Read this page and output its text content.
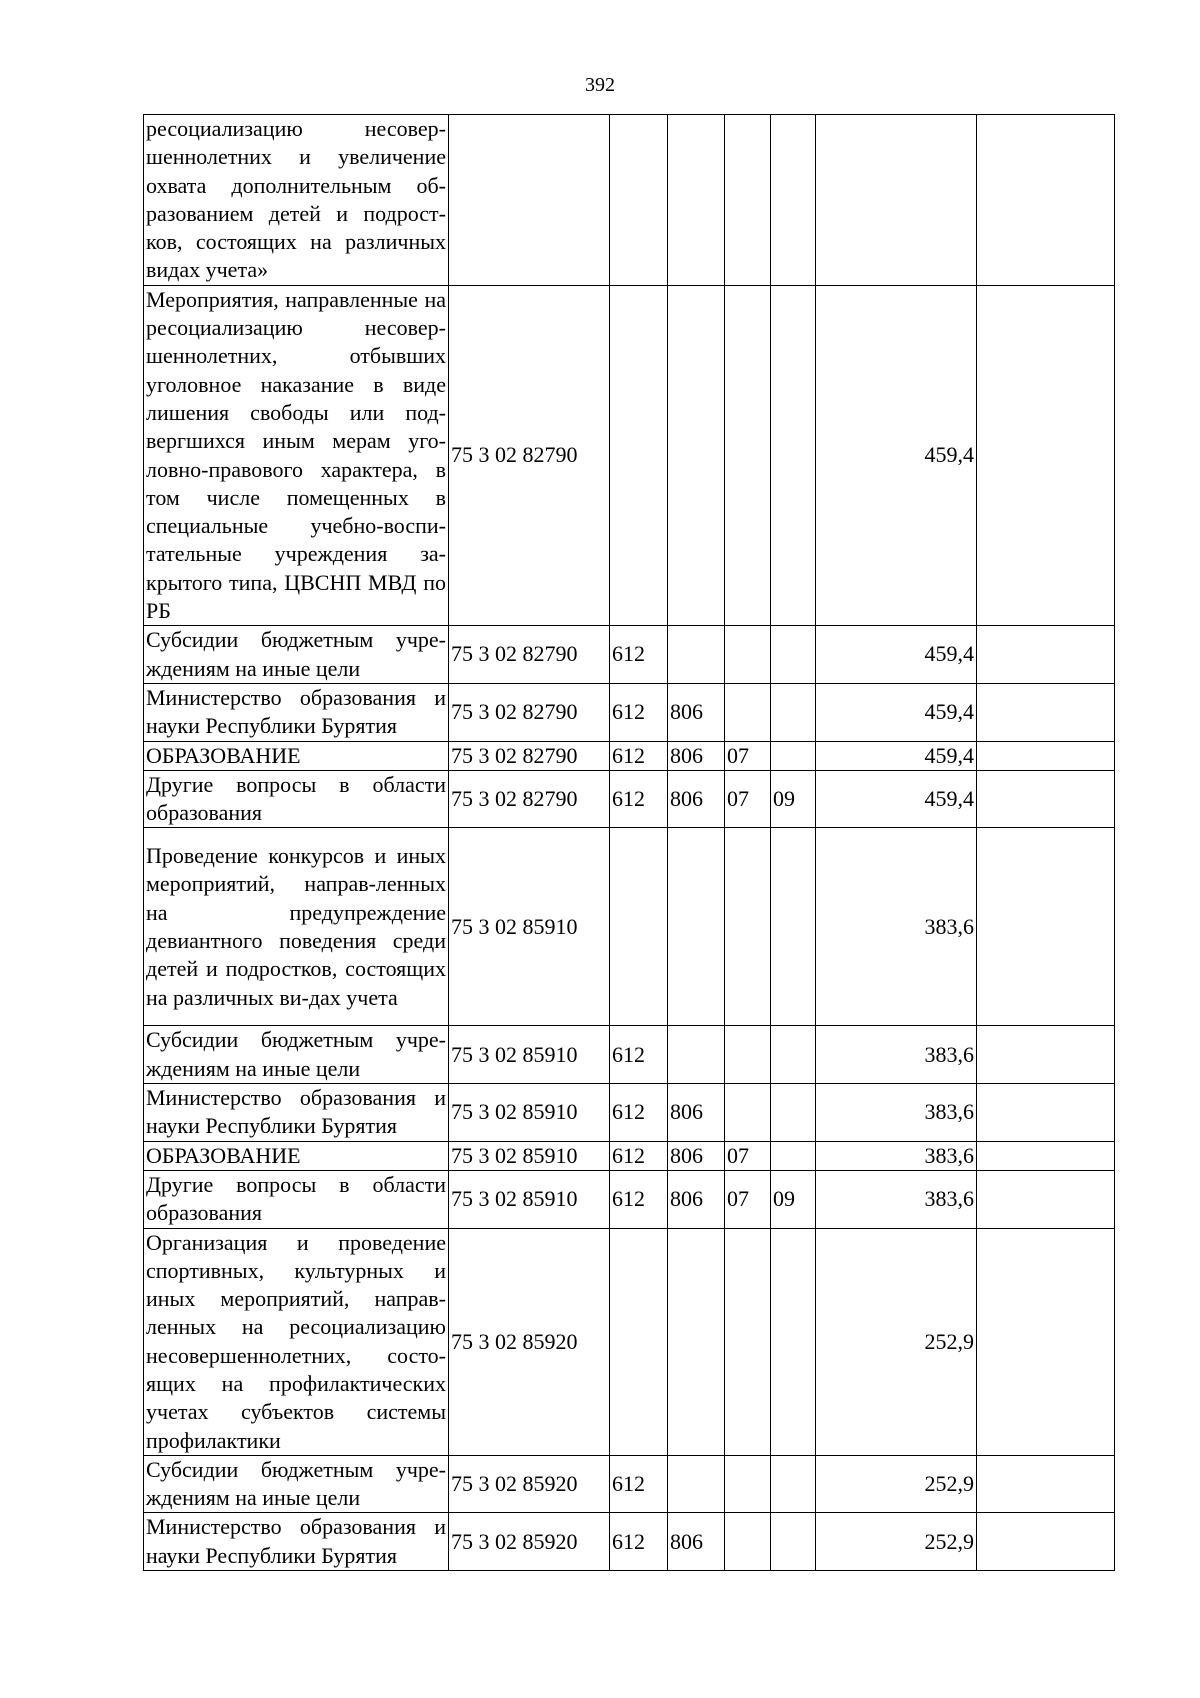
392
ресоциализацию несовер-шеннолетних и увеличение охвата дополнительным об-разованием детей и подрост-ков, состоящих на различных видах учета»							
Мероприятия, направленные на ресоциализацию несовер-шеннолетних, отбывших уголовное наказание в виде лишения свободы или под-вергшихся иным мерам уго-ловно-правового характера, в том числе помещенных в специальные учебно-воспи-тательные учреждения за-крытого типа, ЦВСНП МВД по РБ	75 3 02 82790					459,4	
Субсидии бюджетным учре-ждениям на иные цели	75 3 02 82790	612				459,4	
Министерство образования и науки Республики Бурятия	75 3 02 82790	612	806			459,4	
ОБРАЗОВАНИЕ	75 3 02 82790	612	806	07		459,4	
Другие вопросы в области образования	75 3 02 82790	612	806	07	09	459,4	
Проведение конкурсов и иных мероприятий, направ-ленных на предупреждение девиантного поведения среди детей и подростков, состоящих на различных ви-дах учета	75 3 02 85910					383,6	
Субсидии бюджетным учре-ждениям на иные цели	75 3 02 85910	612				383,6	
Министерство образования и науки Республики Бурятия	75 3 02 85910	612	806			383,6	
ОБРАЗОВАНИЕ	75 3 02 85910	612	806	07		383,6	
Другие вопросы в области образования	75 3 02 85910	612	806	07	09	383,6	
Организация и проведение спортивных, культурных и иных мероприятий, направ-ленных на ресоциализацию несовершеннолетних, состо-ящих на профилактических учетах субъектов системы профилактики	75 3 02 85920					252,9	
Субсидии бюджетным учре-ждениям на иные цели	75 3 02 85920	612				252,9	
Министерство образования и науки Республики Бурятия	75 3 02 85920	612	806			252,9	
